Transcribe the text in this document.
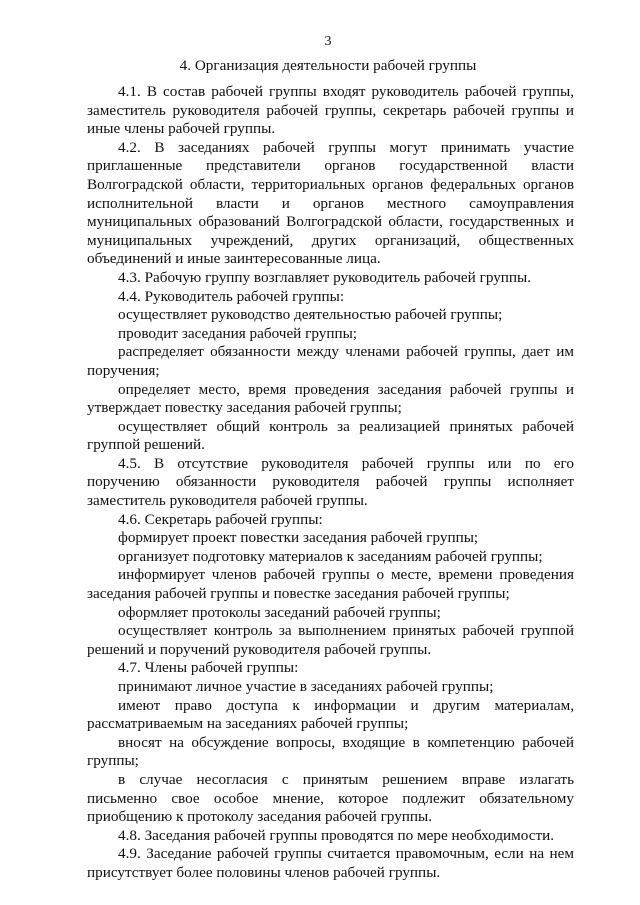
3
4. Организация деятельности рабочей группы

4.1. В состав рабочей группы входят руководитель рабочей группы, заместитель руководителя рабочей группы, секретарь рабочей группы и иные члены рабочей группы.

4.2. В заседаниях рабочей группы могут принимать участие приглашенные представители органов государственной власти Волгоградской области, территориальных органов федеральных органов исполнительной власти и органов местного самоуправления муниципальных образований Волгоградской области, государственных и муниципальных учреждений, других организаций, общественных объединений и иные заинтересованные лица.

4.3. Рабочую группу возглавляет руководитель рабочей группы.

4.4. Руководитель рабочей группы:

осуществляет руководство деятельностью рабочей группы;

проводит заседания рабочей группы;

распределяет обязанности между членами рабочей группы, дает им поручения;

определяет место, время проведения заседания рабочей группы и утверждает повестку заседания рабочей группы;

осуществляет общий контроль за реализацией принятых рабочей группой решений.

4.5. В отсутствие руководителя рабочей группы или по его поручению обязанности руководителя рабочей группы исполняет заместитель руководителя рабочей группы.

4.6. Секретарь рабочей группы:

формирует проект повестки заседания рабочей группы;

организует подготовку материалов к заседаниям рабочей группы;

информирует членов рабочей группы о месте, времени проведения заседания рабочей группы и повестке заседания рабочей группы;

оформляет протоколы заседаний рабочей группы;

осуществляет контроль за выполнением принятых рабочей группой решений и поручений руководителя рабочей группы.

4.7. Члены рабочей группы:

принимают личное участие в заседаниях рабочей группы;

имеют право доступа к информации и другим материалам, рассматриваемым на заседаниях рабочей группы;

вносят на обсуждение вопросы, входящие в компетенцию рабочей группы;

в случае несогласия с принятым решением вправе излагать письменно свое особое мнение, которое подлежит обязательному приобщению к протоколу заседания рабочей группы.

4.8. Заседания рабочей группы проводятся по мере необходимости.

4.9. Заседание рабочей группы считается правомочным, если на нем присутствует более половины членов рабочей группы.
